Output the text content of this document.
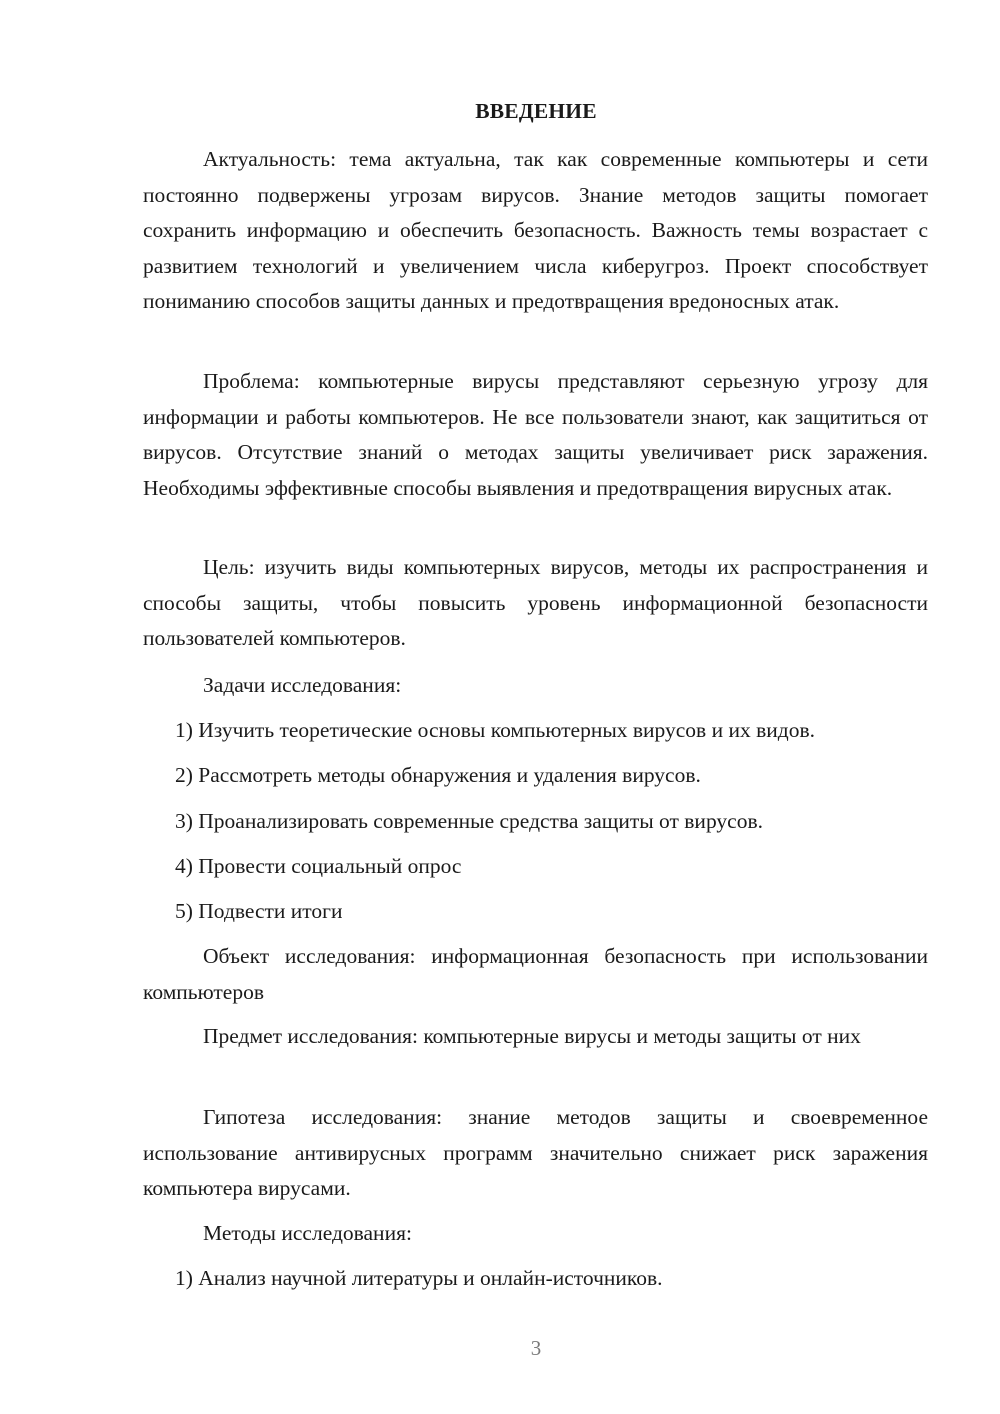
ВВЕДЕНИЕ

Актуальность: тема актуальна, так как современные компьютеры и сети постоянно подвержены угрозам вирусов. Знание методов защиты помогает сохранить информацию и обеспечить безопасность. Важность темы возрастает с развитием технологий и увеличением числа киберугроз. Проект способствует пониманию способов защиты данных и предотвращения вредоносных атак.

Проблема: компьютерные вирусы представляют серьезную угрозу для информации и работы компьютеров. Не все пользователи знают, как защититься от вирусов. Отсутствие знаний о методах защиты увеличивает риск заражения. Необходимы эффективные способы выявления и предотвращения вирусных атак.

Цель: изучить виды компьютерных вирусов, методы их распространения и способы защиты, чтобы повысить уровень информационной безопасности пользователей компьютеров.

Задачи исследования:

1) Изучить теоретические основы компьютерных вирусов и их видов.

2) Рассмотреть методы обнаружения и удаления вирусов.

3) Проанализировать современные средства защиты от вирусов.

4) Провести социальный опрос

5) Подвести итоги

Объект исследования: информационная безопасность при использовании компьютеров

Предмет исследования: компьютерные вирусы и методы защиты от них

Гипотеза исследования: знание методов защиты и своевременное использование антивирусных программ значительно снижает риск заражения компьютера вирусами.

Методы исследования:

1) Анализ научной литературы и онлайн-источников.

3
